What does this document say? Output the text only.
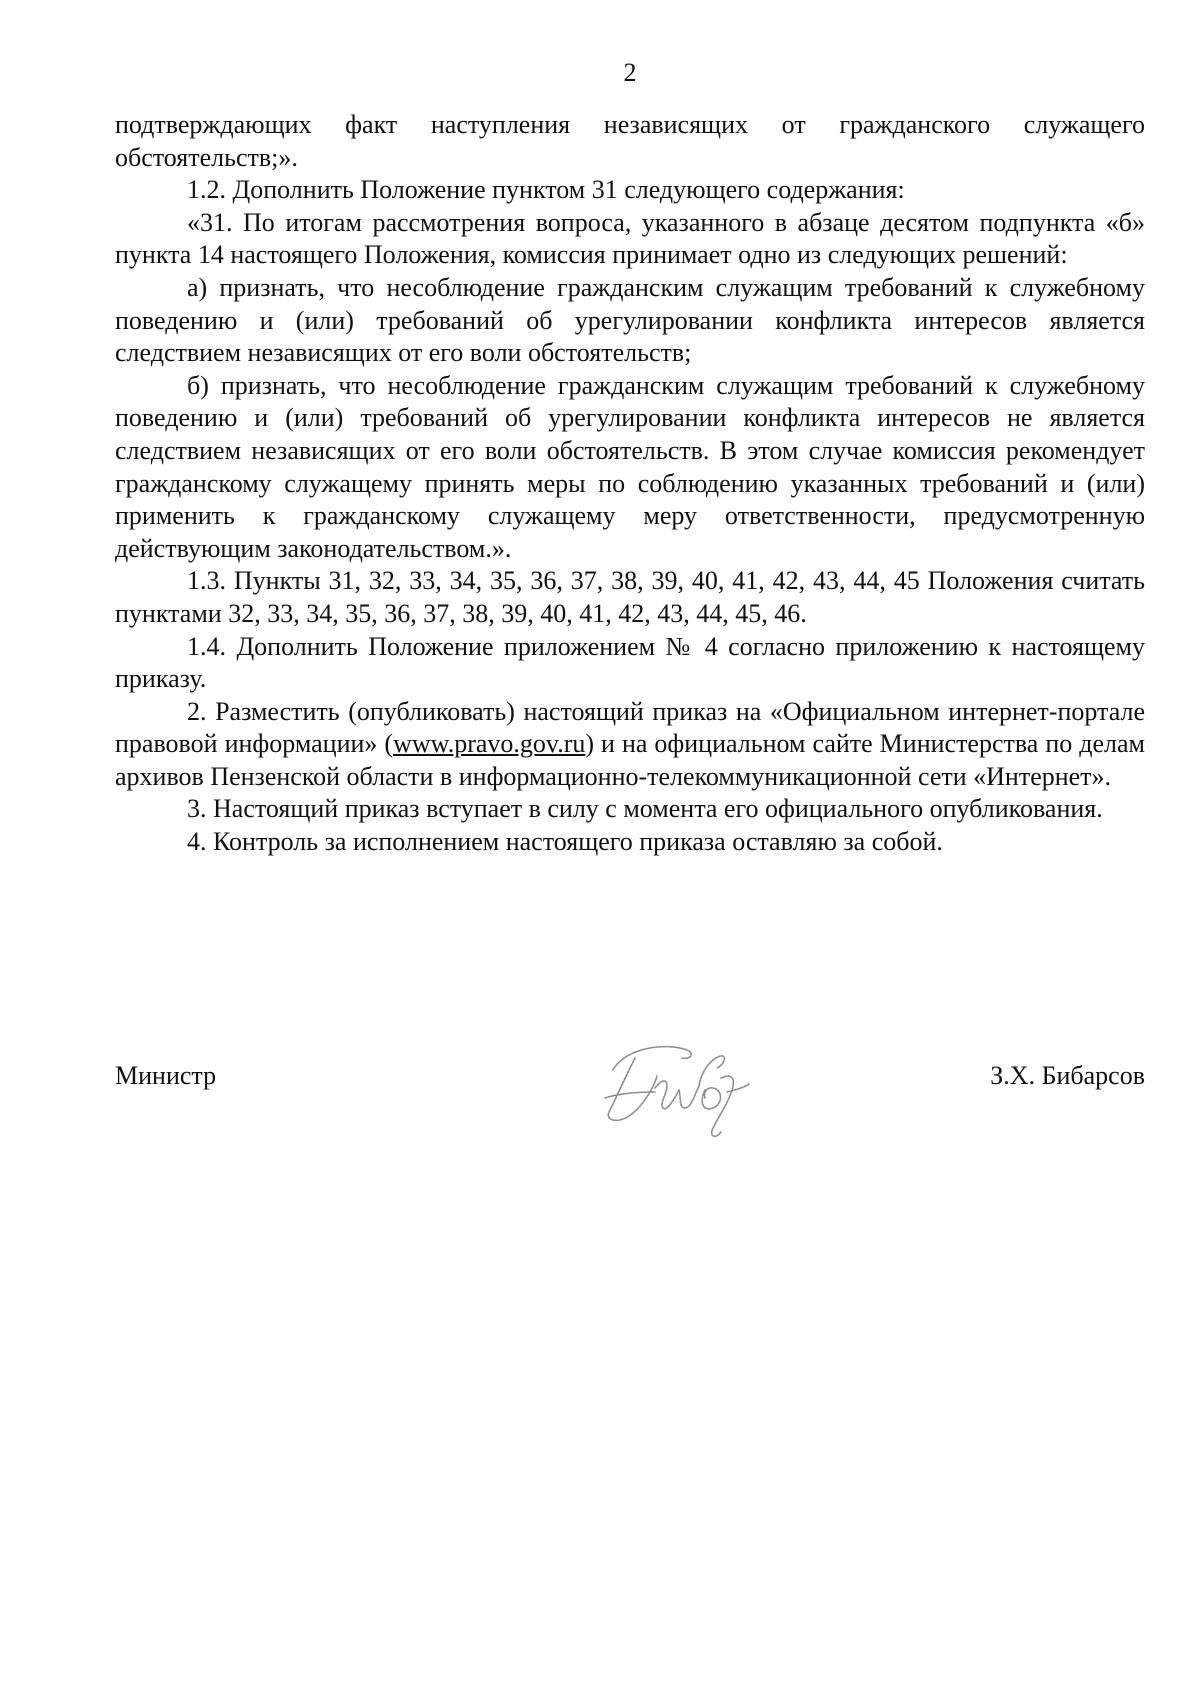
2

подтверждающих факт наступления независящих от гражданского служащего обстоятельств;».

1.2. Дополнить Положение пунктом 31 следующего содержания:

«31. По итогам рассмотрения вопроса, указанного в абзаце десятом подпункта «б» пункта 14 настоящего Положения, комиссия принимает одно из следующих решений:

а) признать, что несоблюдение гражданским служащим требований к служебному поведению и (или) требований об урегулировании конфликта интересов является следствием независящих от его воли обстоятельств;

б) признать, что несоблюдение гражданским служащим требований к служебному поведению и (или) требований об урегулировании конфликта интересов не является следствием независящих от его воли обстоятельств. В этом случае комиссия рекомендует гражданскому служащему принять меры по соблюдению указанных требований и (или) применить к гражданскому служащему меру ответственности, предусмотренную действующим законодательством.».

1.3. Пункты 31, 32, 33, 34, 35, 36, 37, 38, 39, 40, 41, 42, 43, 44, 45 Положения считать пунктами 32, 33, 34, 35, 36, 37, 38, 39, 40, 41, 42, 43, 44, 45, 46.

1.4. Дополнить Положение приложением № 4 согласно приложению к настоящему приказу.

2. Разместить (опубликовать) настоящий приказ на «Официальном интернет-портале правовой информации» (www.pravo.gov.ru) и на официальном сайте Министерства по делам архивов Пензенской области в информационно-телекоммуникационной сети «Интернет».

3. Настоящий приказ вступает в силу с момента его официального опубликования.

4. Контроль за исполнением настоящего приказа оставляю за собой.

Министр	З.Х. Бибарсов
